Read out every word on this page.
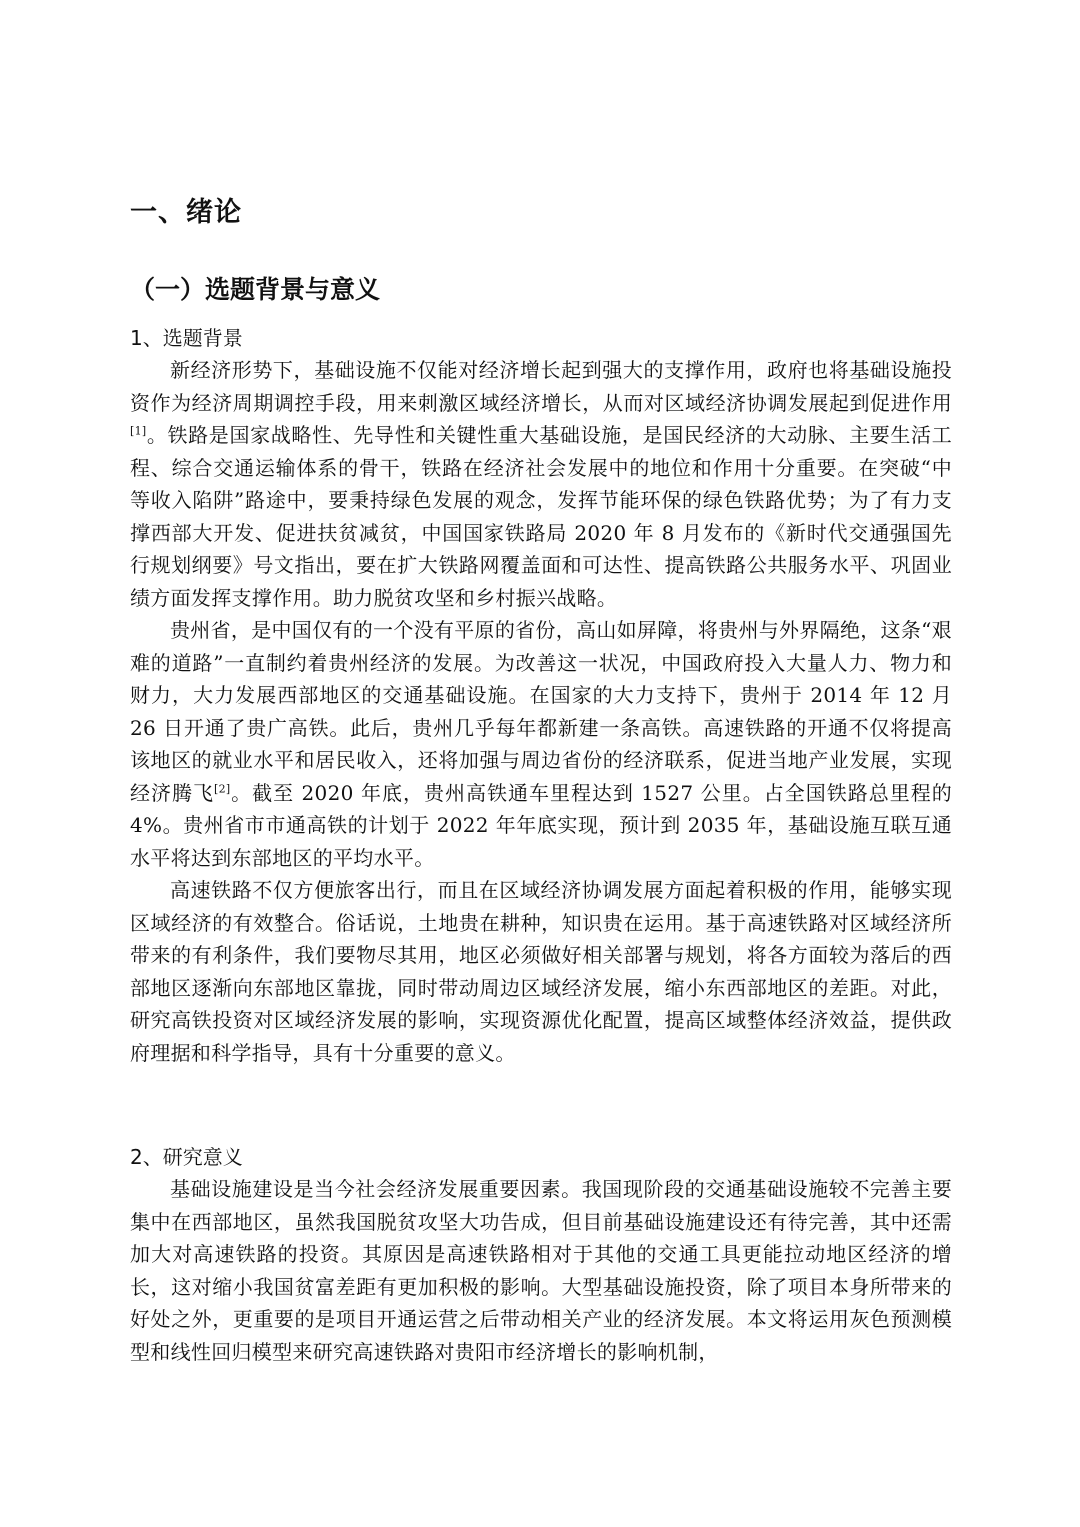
一、绪论
（一）选题背景与意义
1、选题背景

新经济形势下，基础设施不仅能对经济增长起到强大的支撑作用，政府也将基础设施投资作为经济周期调控手段，用来刺激区域经济增长，从而对区域经济协调发展起到促进作用[1]。铁路是国家战略性、先导性和关键性重大基础设施，是国民经济的大动脉、主要生活工程、综合交通运输体系的骨干，铁路在经济社会发展中的地位和作用十分重要。在突破“中等收入陷阱”路途中，要秉持绿色发展的观念，发挥节能环保的绿色铁路优势；为了有力支撑西部大开发、促进扶贫减贫，中国国家铁路局 2020 年 8 月发布的《新时代交通强国先行规划纲要》号文指出，要在扩大铁路网覆盖面和可达性、提高铁路公共服务水平、巩固业绩方面发挥支撑作用。助力脱贫攻坚和乡村振兴战略。

贵州省，是中国仅有的一个没有平原的省份，高山如屏障，将贵州与外界隔绝，这条“艰难的道路”一直制约着贵州经济的发展。为改善这一状况，中国政府投入大量人力、物力和财力，大力发展西部地区的交通基础设施。在国家的大力支持下，贵州于 2014 年 12 月 26 日开通了贵广高铁。此后，贵州几乎每年都新建一条高铁。高速铁路的开通不仅将提高该地区的就业水平和居民收入，还将加强与周边省份的经济联系，促进当地产业发展，实现经济腾飞[2]。截至 2020 年底，贵州高铁通车里程达到 1527 公里。占全国铁路总里程的 4%。贵州省市市通高铁的计划于 2022 年年底实现，预计到 2035 年，基础设施互联互通水平将达到东部地区的平均水平。

高速铁路不仅方便旅客出行，而且在区域经济协调发展方面起着积极的作用，能够实现区域经济的有效整合。俗话说，土地贵在耕种，知识贵在运用。基于高速铁路对区域经济所带来的有利条件，我们要物尽其用，地区必须做好相关部署与规划，将各方面较为落后的西部地区逐渐向东部地区靠拢，同时带动周边区域经济发展，缩小东西部地区的差距。对此，研究高铁投资对区域经济发展的影响，实现资源优化配置，提高区域整体经济效益，提供政府理据和科学指导，具有十分重要的意义。

2、研究意义

基础设施建设是当今社会经济发展重要因素。我国现阶段的交通基础设施较不完善主要集中在西部地区，虽然我国脱贫攻坚大功告成，但目前基础设施建设还有待完善，其中还需加大对高速铁路的投资。其原因是高速铁路相对于其他的交通工具更能拉动地区经济的增长，这对缩小我国贫富差距有更加积极的影响。大型基础设施投资，除了项目本身所带来的好处之外，更重要的是项目开通运营之后带动相关产业的经济发展。本文将运用灰色预测模型和线性回归模型来研究高速铁路对贵阳市经济增长的影响机制，
